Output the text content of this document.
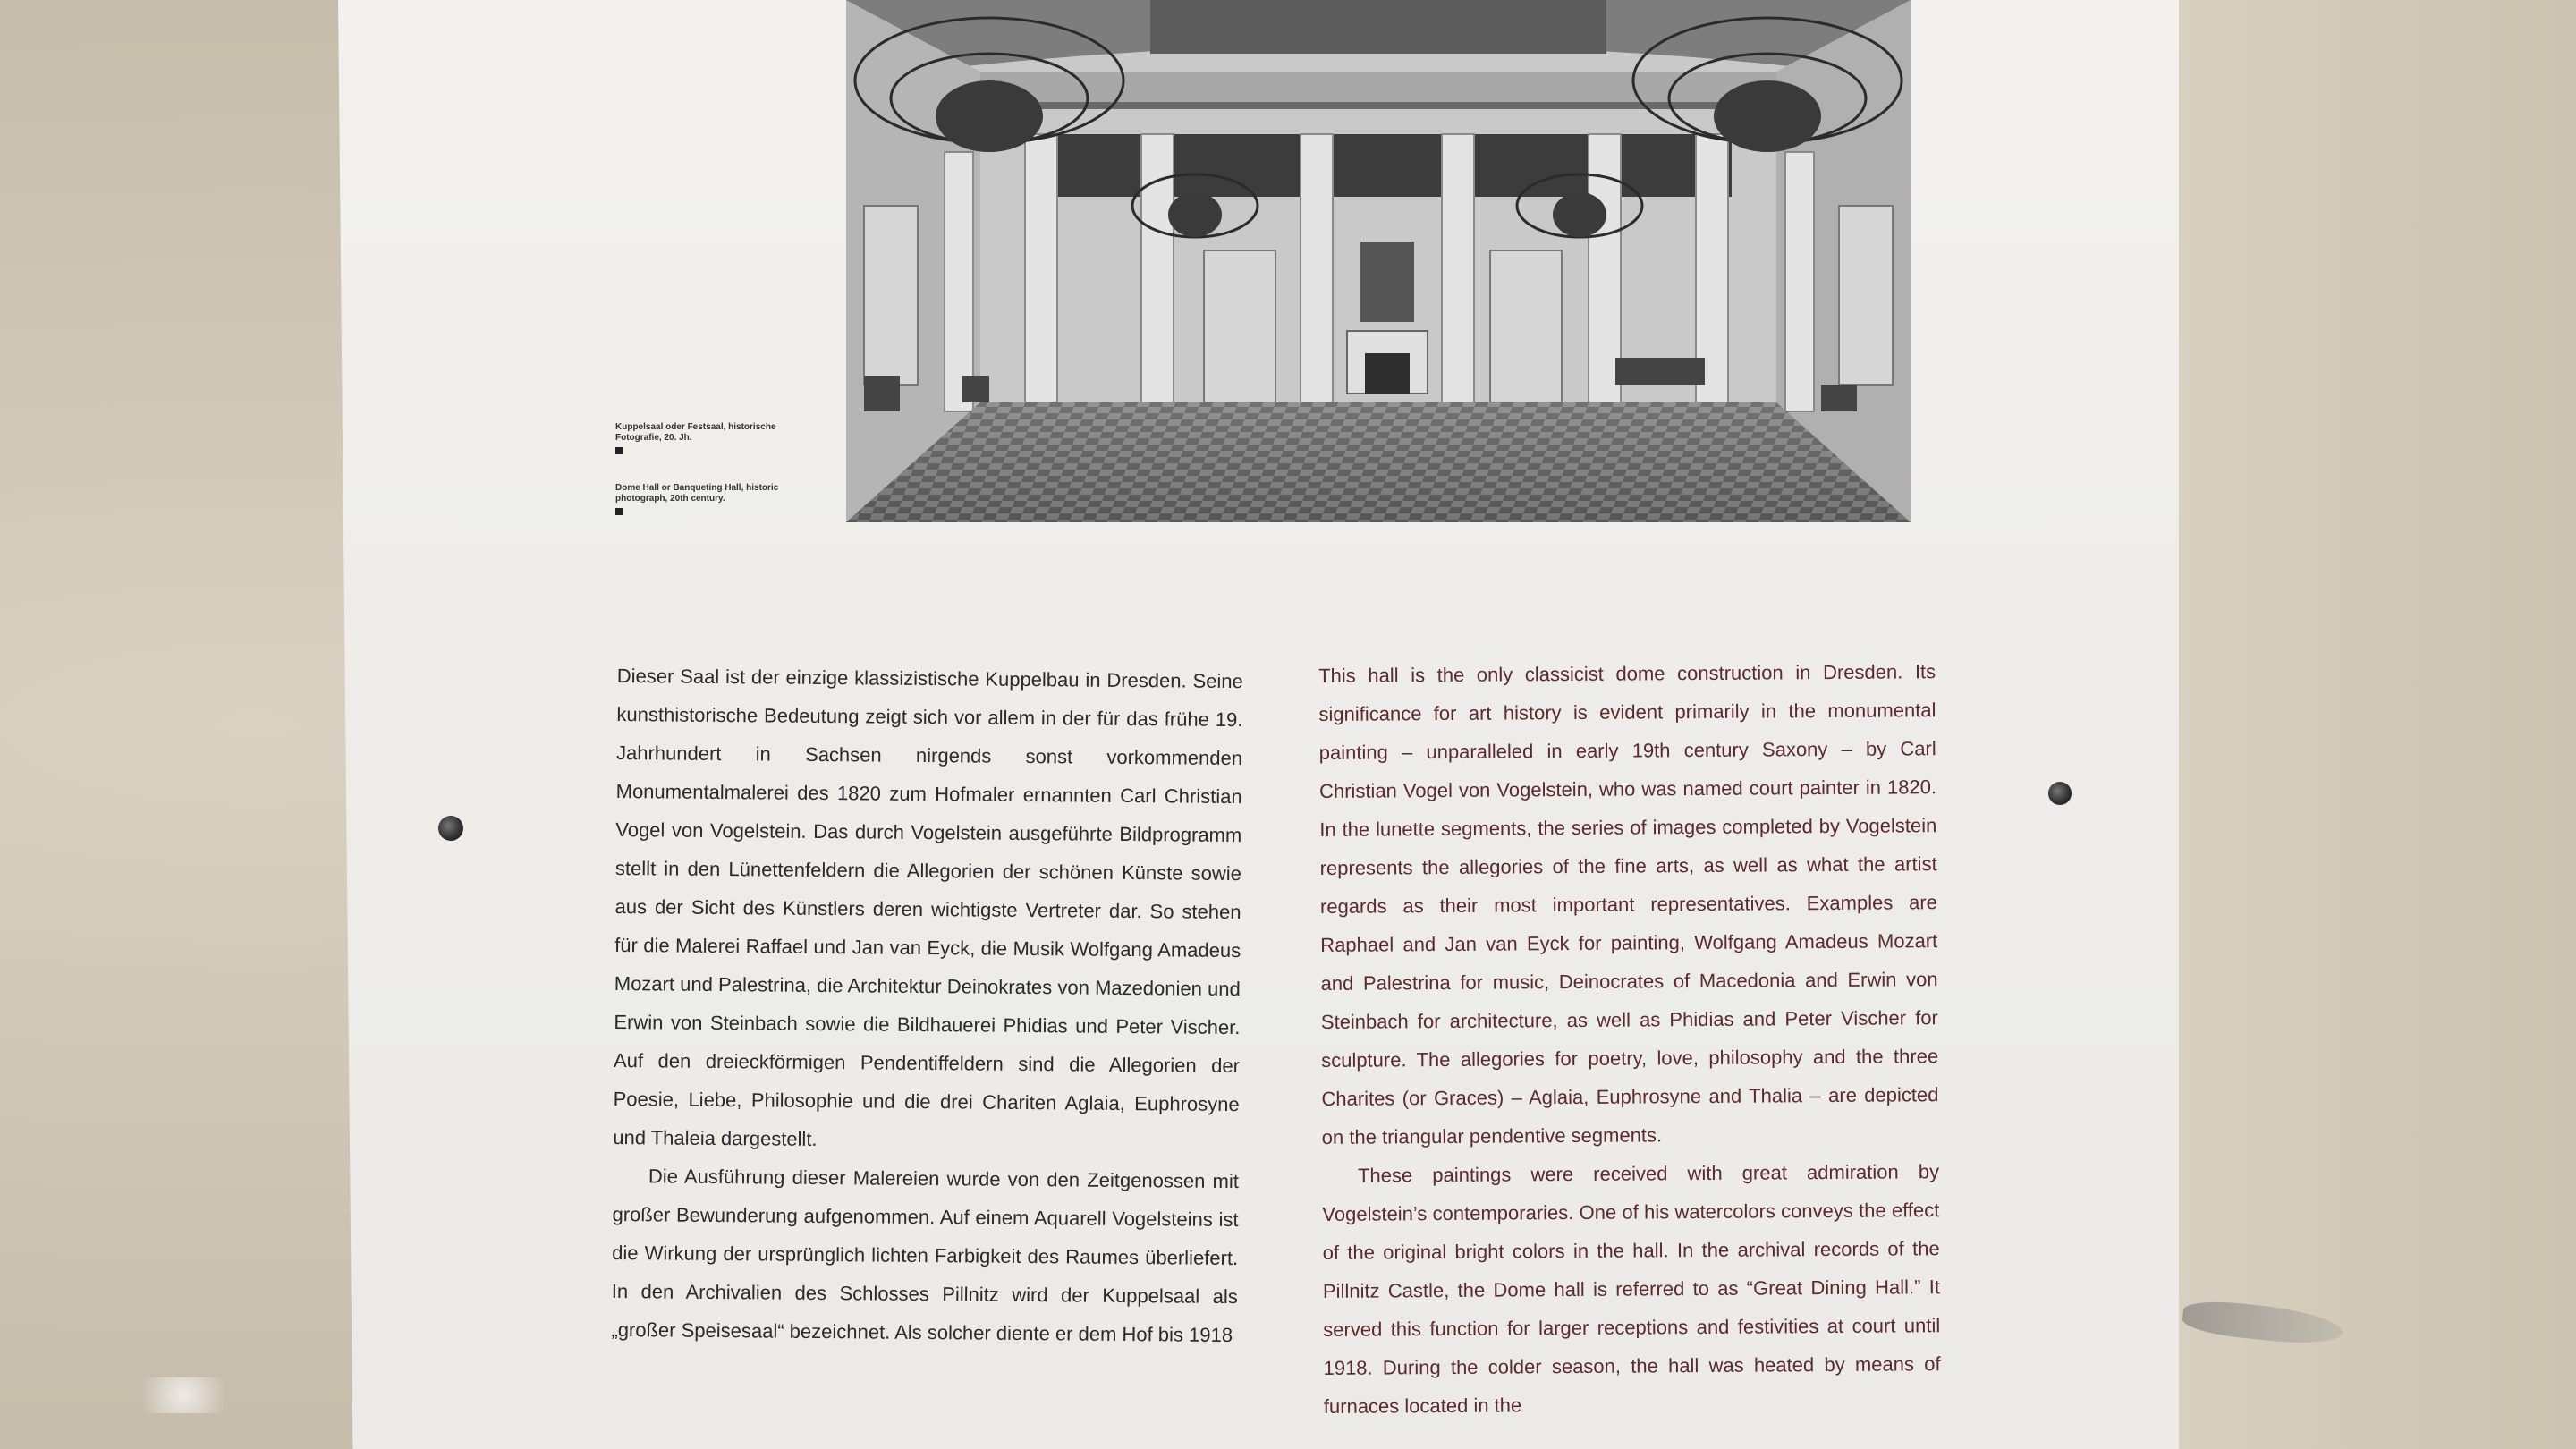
Kuppelsaal oder Festsaal, historische Fotografie, 20. Jh.
Dome Hall or Banqueting Hall, historic photograph, 20th century.

Dieser Saal ist der einzige klassizistische Kuppelbau in Dresden. Seine kunsthistorische Bedeutung zeigt sich vor allem in der für das frühe 19. Jahrhundert in Sachsen nirgends sonst vorkommenden Monumentalmalerei des 1820 zum Hofmaler ernannten Carl Christian Vogel von Vogelstein. Das durch Vogelstein ausgeführte Bildprogramm stellt in den Lünettenfeldern die Allegorien der schönen Künste sowie aus der Sicht des Künstlers deren wichtigste Vertreter dar. So stehen für die Malerei Raffael und Jan van Eyck, die Musik Wolfgang Amadeus Mozart und Palestrina, die Architektur Deinokrates von Mazedonien und Erwin von Steinbach sowie die Bildhauerei Phidias und Peter Vischer. Auf den dreieckförmigen Pendentiffeldern sind die Allegorien der Poesie, Liebe, Philosophie und die drei Chariten Aglaia, Euphrosyne und Thaleia dargestellt.

Die Ausführung dieser Malereien wurde von den Zeitgenossen mit großer Bewunderung aufgenommen. Auf einem Aquarell Vogelsteins ist die Wirkung der ursprünglich lichten Farbigkeit des Raumes überliefert. In den Archivalien des Schlosses Pillnitz wird der Kuppelsaal als „großer Speisesaal“ bezeichnet. Als solcher diente er dem Hof bis 1918

This hall is the only classicist dome construction in Dresden. Its significance for art history is evident primarily in the monumental painting – unparalleled in early 19th century Saxony – by Carl Christian Vogel von Vogelstein, who was named court painter in 1820. In the lunette segments, the series of images completed by Vogelstein represents the allegories of the fine arts, as well as what the artist regards as their most important representatives. Examples are Raphael and Jan van Eyck for painting, Wolfgang Amadeus Mozart and Palestrina for music, Deinocrates of Macedonia and Erwin von Steinbach for architecture, as well as Phidias and Peter Vischer for sculpture. The allegories for poetry, love, philosophy and the three Charites (or Graces) – Aglaia, Euphrosyne and Thalia – are depicted on the triangular pendentive segments.

These paintings were received with great admiration by Vogelstein’s contemporaries. One of his watercolors conveys the effect of the original bright colors in the hall. In the archival records of the Pillnitz Castle, the Dome hall is referred to as “Great Dining Hall.” It served this function for larger receptions and festivities at court until 1918. During the colder season, the hall was heated by means of furnaces located in the
